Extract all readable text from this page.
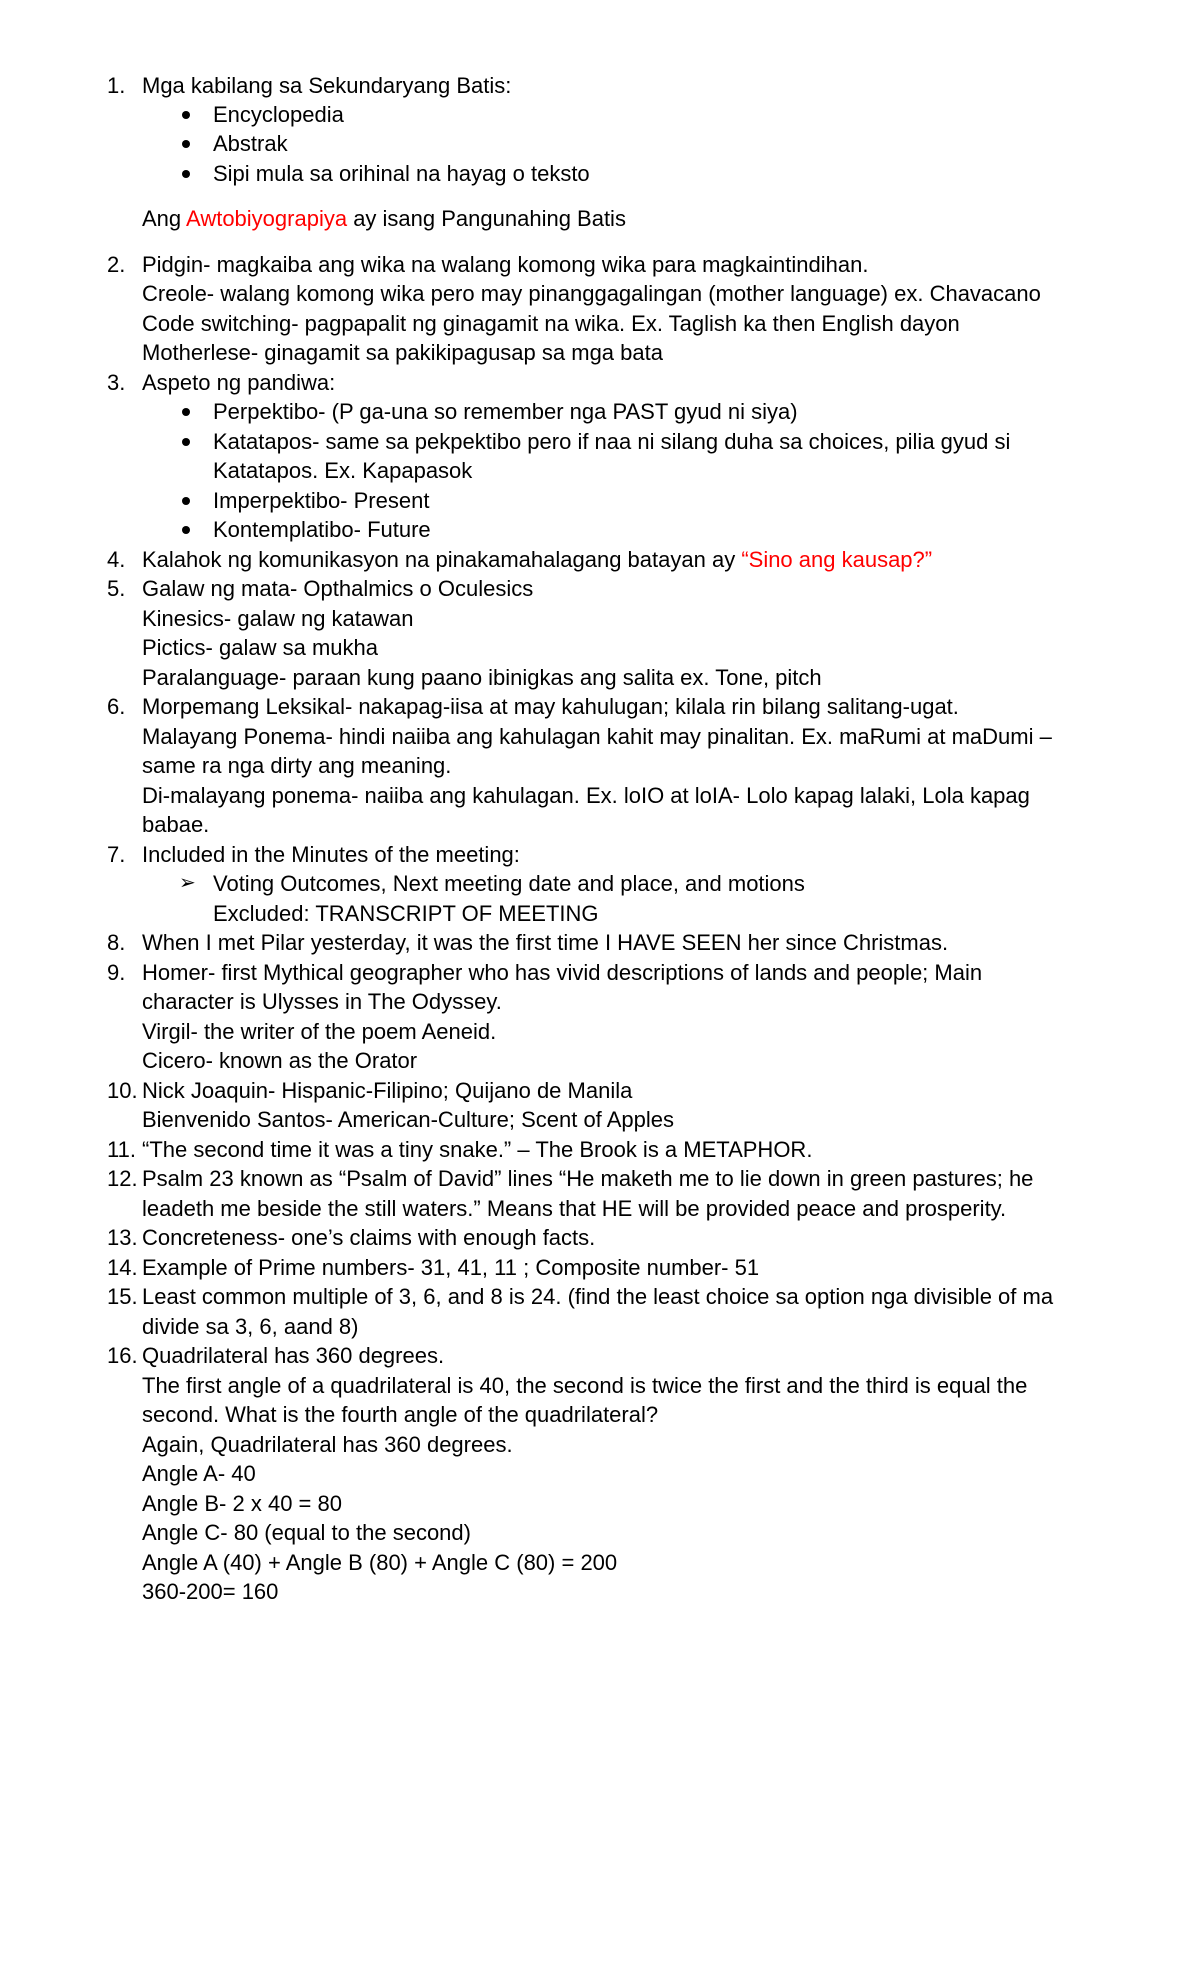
1. Mga kabilang sa Sekundaryang Batis:
Encyclopedia
Abstrak
Sipi mula sa orihinal na hayag o teksto
Ang Awtobiyograpiya ay isang Pangunahing Batis
2. Pidgin- magkaiba ang wika na walang komong wika para magkaintindihan.
Creole- walang komong wika pero may pinanggagalingan (mother language) ex. Chavacano
Code switching- pagpapalit ng ginagamit na wika. Ex. Taglish ka then English dayon
Motherlese- ginagamit sa pakikipagusap sa mga bata
3. Aspeto ng pandiwa:
Perpektibo- (P ga-una so remember nga PAST gyud ni siya)
Katatapos- same sa pekpektibo pero if naa ni silang duha sa choices, pilia gyud si
Katatapos. Ex. Kapapasok
Imperpektibo- Present
Kontemplatibo- Future
4. Kalahok ng komunikasyon na pinakamahalagang batayan ay “Sino ang kausap?”
5. Galaw ng mata- Opthalmics o Oculesics
Kinesics- galaw ng katawan
Pictics- galaw sa mukha
Paralanguage- paraan kung paano ibinigkas ang salita ex. Tone, pitch
6. Morpemang Leksikal- nakapag-iisa at may kahulugan; kilala rin bilang salitang-ugat.
Malayang Ponema- hindi naiiba ang kahulagan kahit may pinalitan. Ex. maRumi at maDumi –
same ra nga dirty ang meaning.
Di-malayang ponema- naiiba ang kahulagan. Ex. loIO at loIA- Lolo kapag lalaki, Lola kapag
babae.
7. Included in the Minutes of the meeting:
➢ Voting Outcomes, Next meeting date and place, and motions
Excluded: TRANSCRIPT OF MEETING
8. When I met Pilar yesterday, it was the first time I HAVE SEEN her since Christmas.
9. Homer- first Mythical geographer who has vivid descriptions of lands and people; Main
character is Ulysses in The Odyssey.
Virgil- the writer of the poem Aeneid.
Cicero- known as the Orator
10. Nick Joaquin- Hispanic-Filipino; Quijano de Manila
Bienvenido Santos- American-Culture; Scent of Apples
11. “The second time it was a tiny snake.” – The Brook is a METAPHOR.
12. Psalm 23 known as “Psalm of David” lines “He maketh me to lie down in green pastures; he
leadeth me beside the still waters.” Means that HE will be provided peace and prosperity.
13. Concreteness- one’s claims with enough facts.
14. Example of Prime numbers- 31, 41, 11 ; Composite number- 51
15. Least common multiple of 3, 6, and 8 is 24. (find the least choice sa option nga divisible of ma
divide sa 3, 6, aand 8)
16. Quadrilateral has 360 degrees.
The first angle of a quadrilateral is 40, the second is twice the first and the third is equal the
second. What is the fourth angle of the quadrilateral?
Again, Quadrilateral has 360 degrees.
Angle A- 40
Angle B- 2 x 40 = 80
Angle C- 80 (equal to the second)
Angle A (40) + Angle B (80) + Angle C (80) = 200
360-200= 160
